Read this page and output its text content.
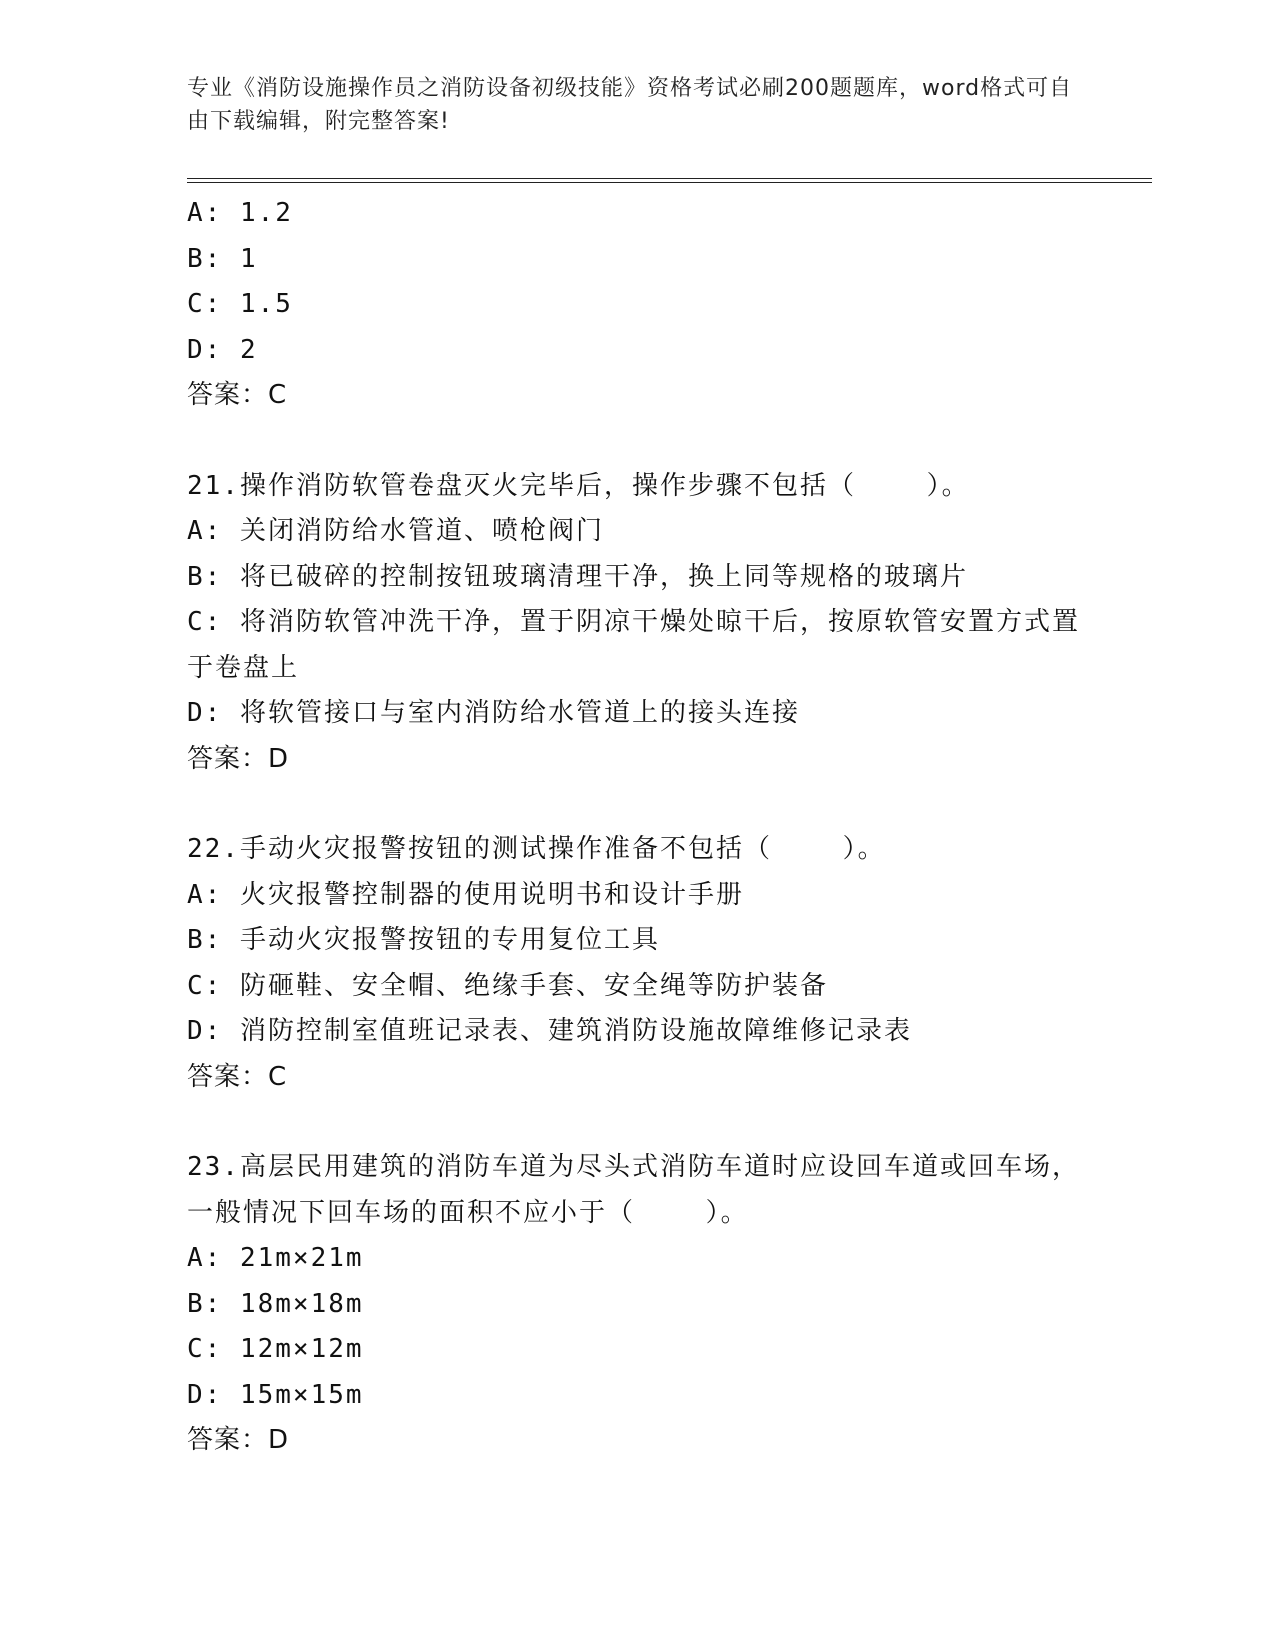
专业《消防设施操作员之消防设备初级技能》资格考试必刷200题题库，word格式可自由下载编辑，附完整答案!
A: 1.2
B: 1
C: 1.5
D: 2
答案：C
21.操作消防软管卷盘灭火完毕后，操作步骤不包括（    ）。
A: 关闭消防给水管道、喷枪阀门
B: 将已破碎的控制按钮玻璃清理干净，换上同等规格的玻璃片
C: 将消防软管冲洗干净，置于阴凉干燥处晾干后，按原软管安置方式置于卷盘上
D: 将软管接口与室内消防给水管道上的接头连接
答案：D
22.手动火灾报警按钮的测试操作准备不包括（    ）。
A: 火灾报警控制器的使用说明书和设计手册
B: 手动火灾报警按钮的专用复位工具
C: 防砸鞋、安全帽、绝缘手套、安全绳等防护装备
D: 消防控制室值班记录表、建筑消防设施故障维修记录表
答案：C
23.高层民用建筑的消防车道为尽头式消防车道时应设回车道或回车场，一般情况下回车场的面积不应小于（    ）。
A: 21m×21m
B: 18m×18m
C: 12m×12m
D: 15m×15m
答案：D
